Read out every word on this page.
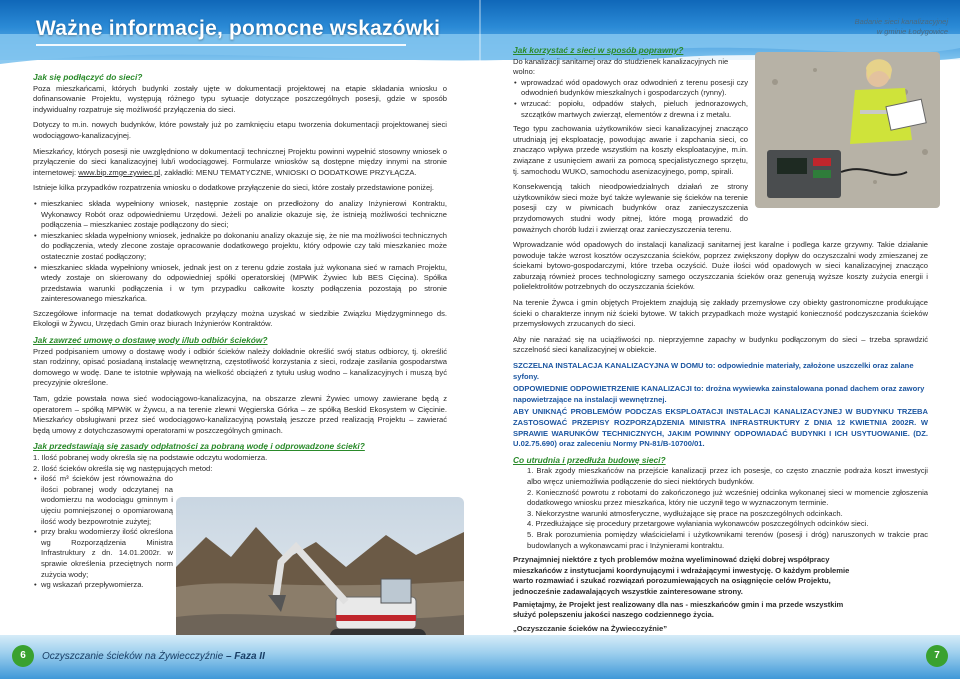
Ważne informacje, pomocne wskazówki	Badanie sieci kanalizacyjnej
w gminie Łodygowice
Jak się podłączyć do sieci?
Poza mieszkańcami, których budynki zostały ujęte w dokumentacji projektowej na etapie składania wniosku o dofinansowanie Projektu, występują różnego typu sytuacje dotyczące poszczególnych posesji, gdzie w sposób indywidualny rozpatruje się możliwość przyłączenia do sieci.
Dotyczy to m.in. nowych budynków, które powstały już po zamknięciu etapu tworzenia dokumentacji projektowanej sieci wodociągowo-kanalizacyjnej.
Mieszkańcy, których posesji nie uwzględniono w dokumentacji technicznej Projektu powinni wypełnić stosowny wniosek o przyłączenie do sieci kanalizacyjnej lub/i wodociągowej. Formularze wniosków są dostępne między innymi na stronie internetowej: www.bip.zmge.zywiec.pl, zakładki: MENU TEMATYCZNE, WNIOSKI O DODATKOWE PRZYŁĄCZA.
Istnieje kilka przypadków rozpatrzenia wniosku o dodatkowe przyłączenie do sieci, które zostały przedstawione poniżej.
• mieszkaniec składa wypełniony wniosek, następnie zostaje on przedłożony do analizy Inżynierowi Kontraktu, Wykonawcy Robót oraz odpowiedniemu Urzędowi. Jeżeli po analizie okazuje się, że istnieją możliwości techniczne podłączenia – mieszkaniec zostaje podłączony do sieci;
• mieszkaniec składa wypełniony wniosek, jednakże po dokonaniu analizy okazuje się, że nie ma możliwości technicznych do podłączenia, wtedy zlecone zostaje opracowanie dodatkowego projektu, który odpowie czy taki mieszkaniec może ostatecznie zostać podłączony;
• mieszkaniec składa wypełniony wniosek, jednak jest on z terenu gdzie została już wykonana sieć w ramach Projektu, wtedy zostaje on skierowany do odpowiedniej spółki operatorskiej (MPWiK Żywiec lub BES Cięcina). Spółka przedstawia warunki podłączenia i w tym przypadku całkowite koszty podłączenia pozostają po stronie zainteresowanego mieszkańca.
Szczegółowe informacje na temat dodatkowych przyłączy można uzyskać w siedzibie Związku Międzygminnego ds. Ekologii w Żywcu, Urzędach Gmin oraz biurach Inżynierów Kontraktów.
Jak zawrzeć umowę o dostawę wody i/lub odbiór ścieków?
Przed podpisaniem umowy o dostawę wody i odbiór ścieków należy dokładnie określić swój status odbiorcy, tj. określić stan rodzinny, opisać posiadaną instalację wewnętrzną, częstotliwość korzystania z sieci, rodzaje zasilania gospodarstwa domowego w wodę. Dane te istotnie wpływają na wielkość obciążeń z tytułu usług wodno – kanalizacyjnych i muszą być precyzyjnie określone.
Tam, gdzie powstała nowa sieć wodociągowo-kanalizacyjna, na obszarze zlewni Żywiec umowy zawierane będą z operatorem – spółką MPWiK w Żywcu, a na terenie zlewni Węgierska Górka – ze spółką Beskid Ekosystem w Cięcinie. Mieszkańcy obsługiwani przez sieć wodociągowo-kanalizacyjną powstałą jeszcze przed realizacją Projektu – zawierać będą umowy z dotychczasowymi operatorami w poszczególnych gminach.
Jak przedstawiają się zasady odpłatności za pobraną wodę i odprowadzone ścieki?
1. Ilość pobranej wody określa się na podstawie odczytu wodomierza.
2. Ilość ścieków określa się wg następujących metod:
• ilość m³ ścieków jest równoważna do ilości pobranej wody odczytanej na wodomierzu na wodociągu gminnym i ujęciu pomniejszonej o opomiarowaną ilość wody bezpowrotnie zużytej;
• przy braku wodomierzy ilość określona wg Rozporządzenia Ministra Infrastruktury z dn. 14.01.2002r. w sprawie określenia przeciętnych norm zużycia wody;
• wg wskazań przepływomierza.
Jak korzystać z sieci w sposób poprawny?
Do kanalizacji sanitarnej oraz do studzienek kanalizacyjnych nie wolno:
• wprowadzać wód opadowych oraz odwodnień z terenu posesji czy odwodnień budynków mieszkalnych i gospodarczych (rynny).
• wrzucać: popiołu, odpadów stałych, pieluch jednorazowych, szczątków martwych zwierząt, elementów z drewna i z metalu.
Tego typu zachowania użytkowników sieci kanalizacyjnej znacząco utrudniają jej eksploatację, powodując awarie i zapchania sieci, co znacząco wpływa przede wszystkim na koszty eksploatacyjne, m.in. związane z usunięciem awarii za pomocą specjalistycznego sprzętu, tj. samochodu WUKO, samochodu asenizacyjnego, pomp, spirali.
Konsekwencją takich nieodpowiedzialnych działań ze strony użytkowników sieci może być także wylewanie się ścieków na terenie posesji czy w piwnicach budynków oraz zanieczyszczenia przydomowych studni wody pitnej, które mogą prowadzić do poważnych chorób ludzi i zwierząt oraz zanieczyszczenia terenu.
Wprowadzanie wód opadowych do instalacji kanalizacji sanitarnej jest karalne i podlega karze grzywny. Takie działanie powoduje także wzrost kosztów oczyszczania ścieków, poprzez zwiększony dopływ do oczyszczalni wody zmieszanej ze ściekami bytowo-gospodarczymi, które trzeba oczyścić. Duże ilości wód opadowych w sieci kanalizacyjnej znacząco zaburzają również proces technologiczny samego oczyszczania ścieków oraz generują wyższe koszty zużycia energii i polielektrolitów potrzebnych do oczyszczania ścieków.
Na terenie Żywca i gmin objętych Projektem znajdują się zakłady przemysłowe czy obiekty gastronomiczne produkujące ścieki o charakterze innym niż ścieki bytowe. W takich przypadkach może wystąpić konieczność podczyszczania ścieków przemysłowych zrzucanych do sieci.
Aby nie narażać się na uciążliwości np. nieprzyjemne zapachy w budynku podłączonym do sieci – trzeba sprawdzić szczelność sieci kanalizacyjnej w obiekcie.
SZCZELNA INSTALACJA KANALIZACYJNA W DOMU to: odpowiednie materiały, założone uszczelki oraz zalane syfony.
ODPOWIEDNIE ODPOWIETRZENIE KANALIZACJI to: drożna wywiewka zainstalowana ponad dachem oraz zawory napowietrzające na instalacji wewnętrznej.
ABY UNIKNĄĆ PROBLEMÓW PODCZAS EKSPLOATACJI INSTALACJI KANALIZACYJNEJ W BUDYNKU TRZEBA ZASTOSOWAĆ PRZEPISY ROZPORZĄDZENIA MINISTRA INFRASTRUKTURY Z DNIA 12 KWIETNIA 2002R. W SPRAWIE WARUNKÓW TECHNICZNYCH, JAKIM POWINNY ODPOWIADAĆ BUDYNKI I ICH USYTUOWANIE. (DZ. U.02.75.690) oraz zaleceniu Normy PN-81/B-10700/01.
Co utrudnia i przedłuża budowę sieci?
1. Brak zgody mieszkańców na przejście kanalizacji przez ich posesje, co często znacznie podraża koszt inwestycji albo wręcz uniemożliwia podłączenie do sieci niektórych budynków.
2. Konieczność powrotu z robotami do zakończonego już wcześniej odcinka wykonanej sieci w momencie zgłoszenia dodatkowego wniosku przez mieszkańca, który nie uczynił tego w wyznaczonym terminie.
3. Niekorzystne warunki atmosferyczne, wydłużające się prace na poszczególnych odcinkach.
4. Przedłużające się procedury przetargowe wyłaniania wykonawców poszczególnych odcinków sieci.
5. Brak porozumienia pomiędzy właścicielami i użytkownikami terenów (posesji i dróg) naruszonych w trakcie prac budowlanych a wykonawcami prac i Inżynierami kontraktu.
Przynajmniej niektóre z tych problemów można wyeliminować dzięki dobrej współpracy mieszkańców z instytucjami koordynującymi i wdrażającymi inwestycję. O każdym problemie warto rozmawiać i szukać rozwiązań porozumiewających na osiągnięcie celów Projektu, jednocześnie zadawalających wszystkie zainteresowane strony.
Pamiętajmy, że Projekt jest realizowany dla nas - mieszkańców gmin i ma przede wszystkim służyć polepszeniu jakości naszego codziennego życia.
„Oczyszczanie ścieków na Żywiecczyźnie”
6	Oczyszczanie ścieków na Żywiecczyźnie – Faza II	7
